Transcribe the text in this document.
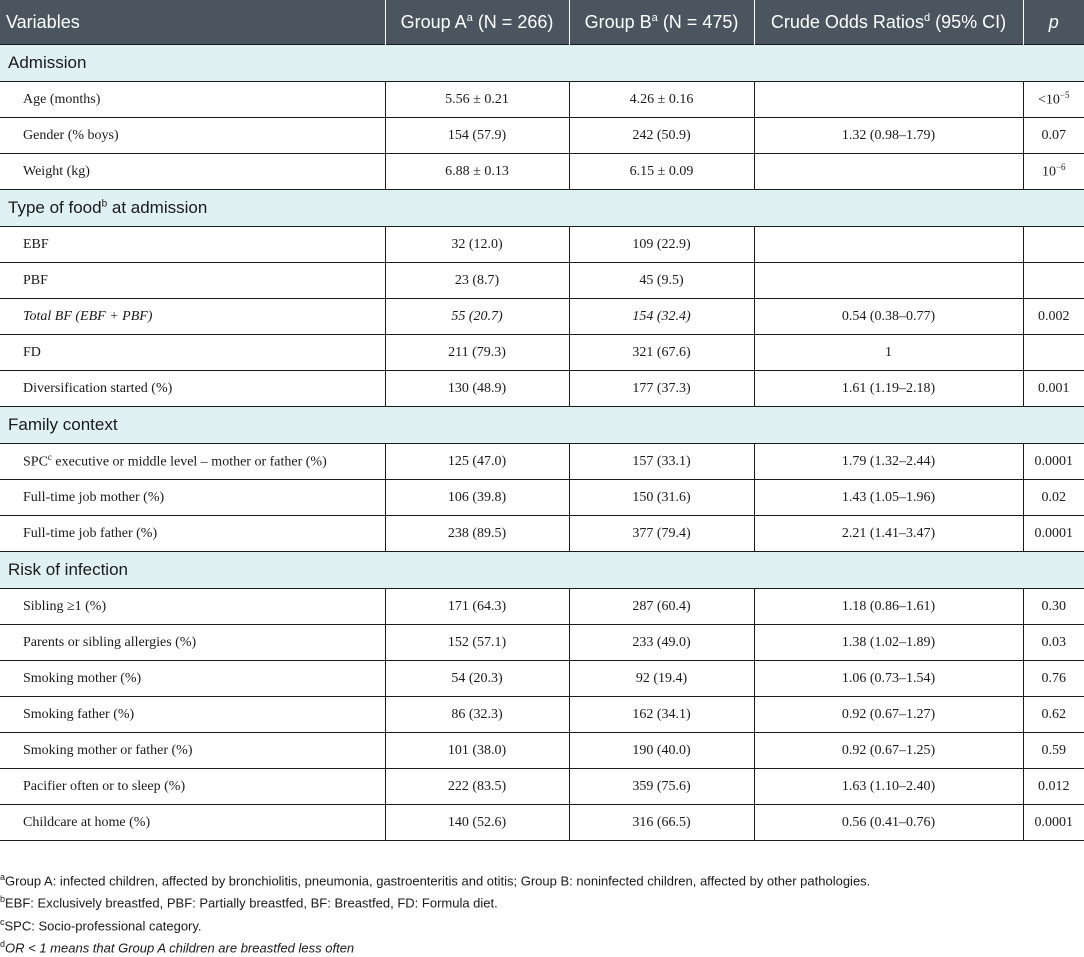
Variables	Group $A^a$ (N = 266)	Group $B^a$ (N = 475)	Crude Odds Ratios$^d$ (95% CI)	p
Admission				
Age (months)	5.56 ± 0.21	4.26 ± 0.16		$<10^{-5}$
Gender (% boys)	154 (57.9)	242 (50.9)	1.32 (0.98–1.79)	0.07
Weight (kg)	6.88 ± 0.13	6.15 ± 0.09		$10^{-6}$
Type of food$^b$ at admission				
EBF	32 (12.0)	109 (22.9)		
PBF	23 (8.7)	45 (9.5)		
Total BF (EBF + PBF)	55 (20.7)	154 (32.4)	0.54 (0.38–0.77)	0.002
FD	211 (79.3)	321 (67.6)	1	
Diversification started (%)	130 (48.9)	177 (37.3)	1.61 (1.19–2.18)	0.001
Family context				
SPC$^c$ executive or middle level – mother or father (%)	125 (47.0)	157 (33.1)	1.79 (1.32–2.44)	0.0001
Full-time job mother (%)	106 (39.8)	150 (31.6)	1.43 (1.05–1.96)	0.02
Full-time job father (%)	238 (89.5)	377 (79.4)	2.21 (1.41–3.47)	0.0001
Risk of infection				
Sibling ≥1 (%)	171 (64.3)	287 (60.4)	1.18 (0.86–1.61)	0.30
Parents or sibling allergies (%)	152 (57.1)	233 (49.0)	1.38 (1.02–1.89)	0.03
Smoking mother (%)	54 (20.3)	92 (19.4)	1.06 (0.73–1.54)	0.76
Smoking father (%)	86 (32.3)	162 (34.1)	0.92 (0.67–1.27)	0.62
Smoking mother or father (%)	101 (38.0)	190 (40.0)	0.92 (0.67–1.25)	0.59
Pacifier often or to sleep (%)	222 (83.5)	359 (75.6)	1.63 (1.10–2.40)	0.012
Childcare at home (%)	140 (52.6)	316 (66.5)	0.56 (0.41–0.76)	0.0001
$^a$Group A: infected children, affected by bronchiolitis, pneumonia, gastroenteritis and otitis; Group B: noninfected children, affected by other pathologies.
$^b$EBF: Exclusively breastfed, PBF: Partially breastfed, BF: Breastfed, FD: Formula diet.
$^c$SPC: Socio-professional category.
$^d$OR < 1 means that Group A children are breastfed less often
